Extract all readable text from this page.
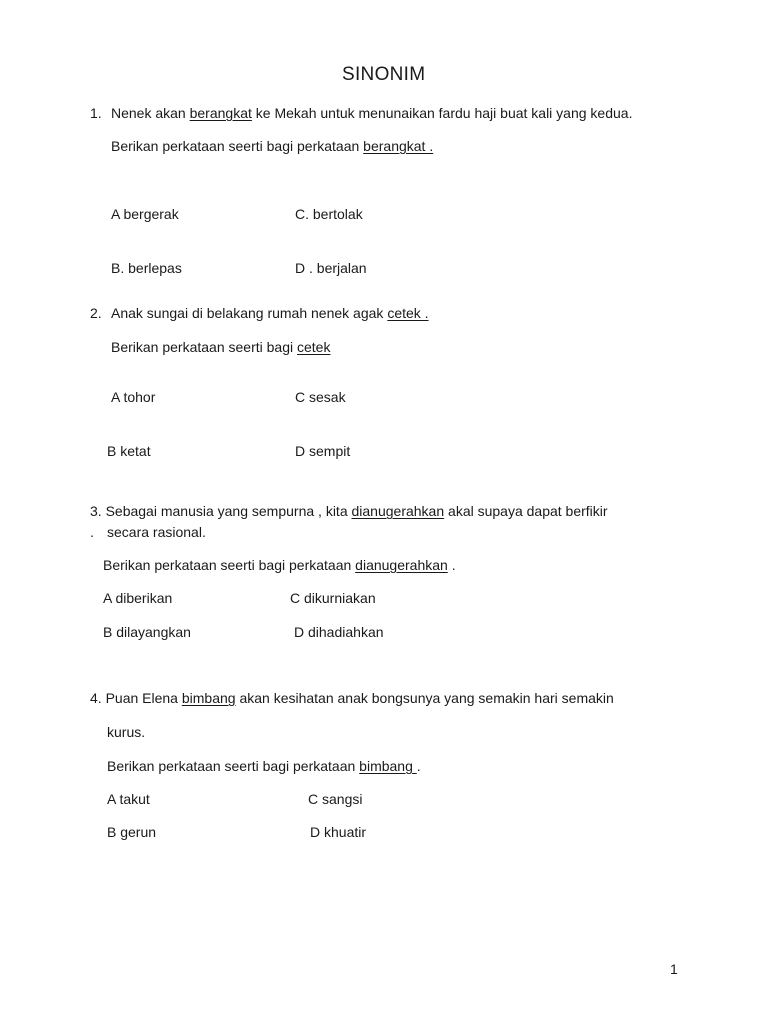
SINONIM
1. Nenek akan berangkat ke Mekah untuk menunaikan fardu haji buat kali yang kedua.
Berikan perkataan seerti bagi perkataan berangkat .
A bergerak	C. bertolak
B. berlepas	D . berjalan
2. Anak sungai di belakang rumah nenek agak cetek .
Berikan perkataan seerti bagi cetek
A tohor	C sesak
B ketat	D sempit
3. Sebagai manusia yang sempurna , kita dianugerahkan akal supaya dapat berfikir
. secara rasional.
Berikan perkataan seerti bagi perkataan dianugerahkan .
A diberikan	C dikurniakan
B dilayangkan	D dihadiahkan
4. Puan Elena bimbang akan kesihatan anak bongsunya yang semakin hari semakin
kurus.
Berikan perkataan seerti bagi perkataan bimbang .
A takut	C sangsi
B gerun	D khuatir
1
